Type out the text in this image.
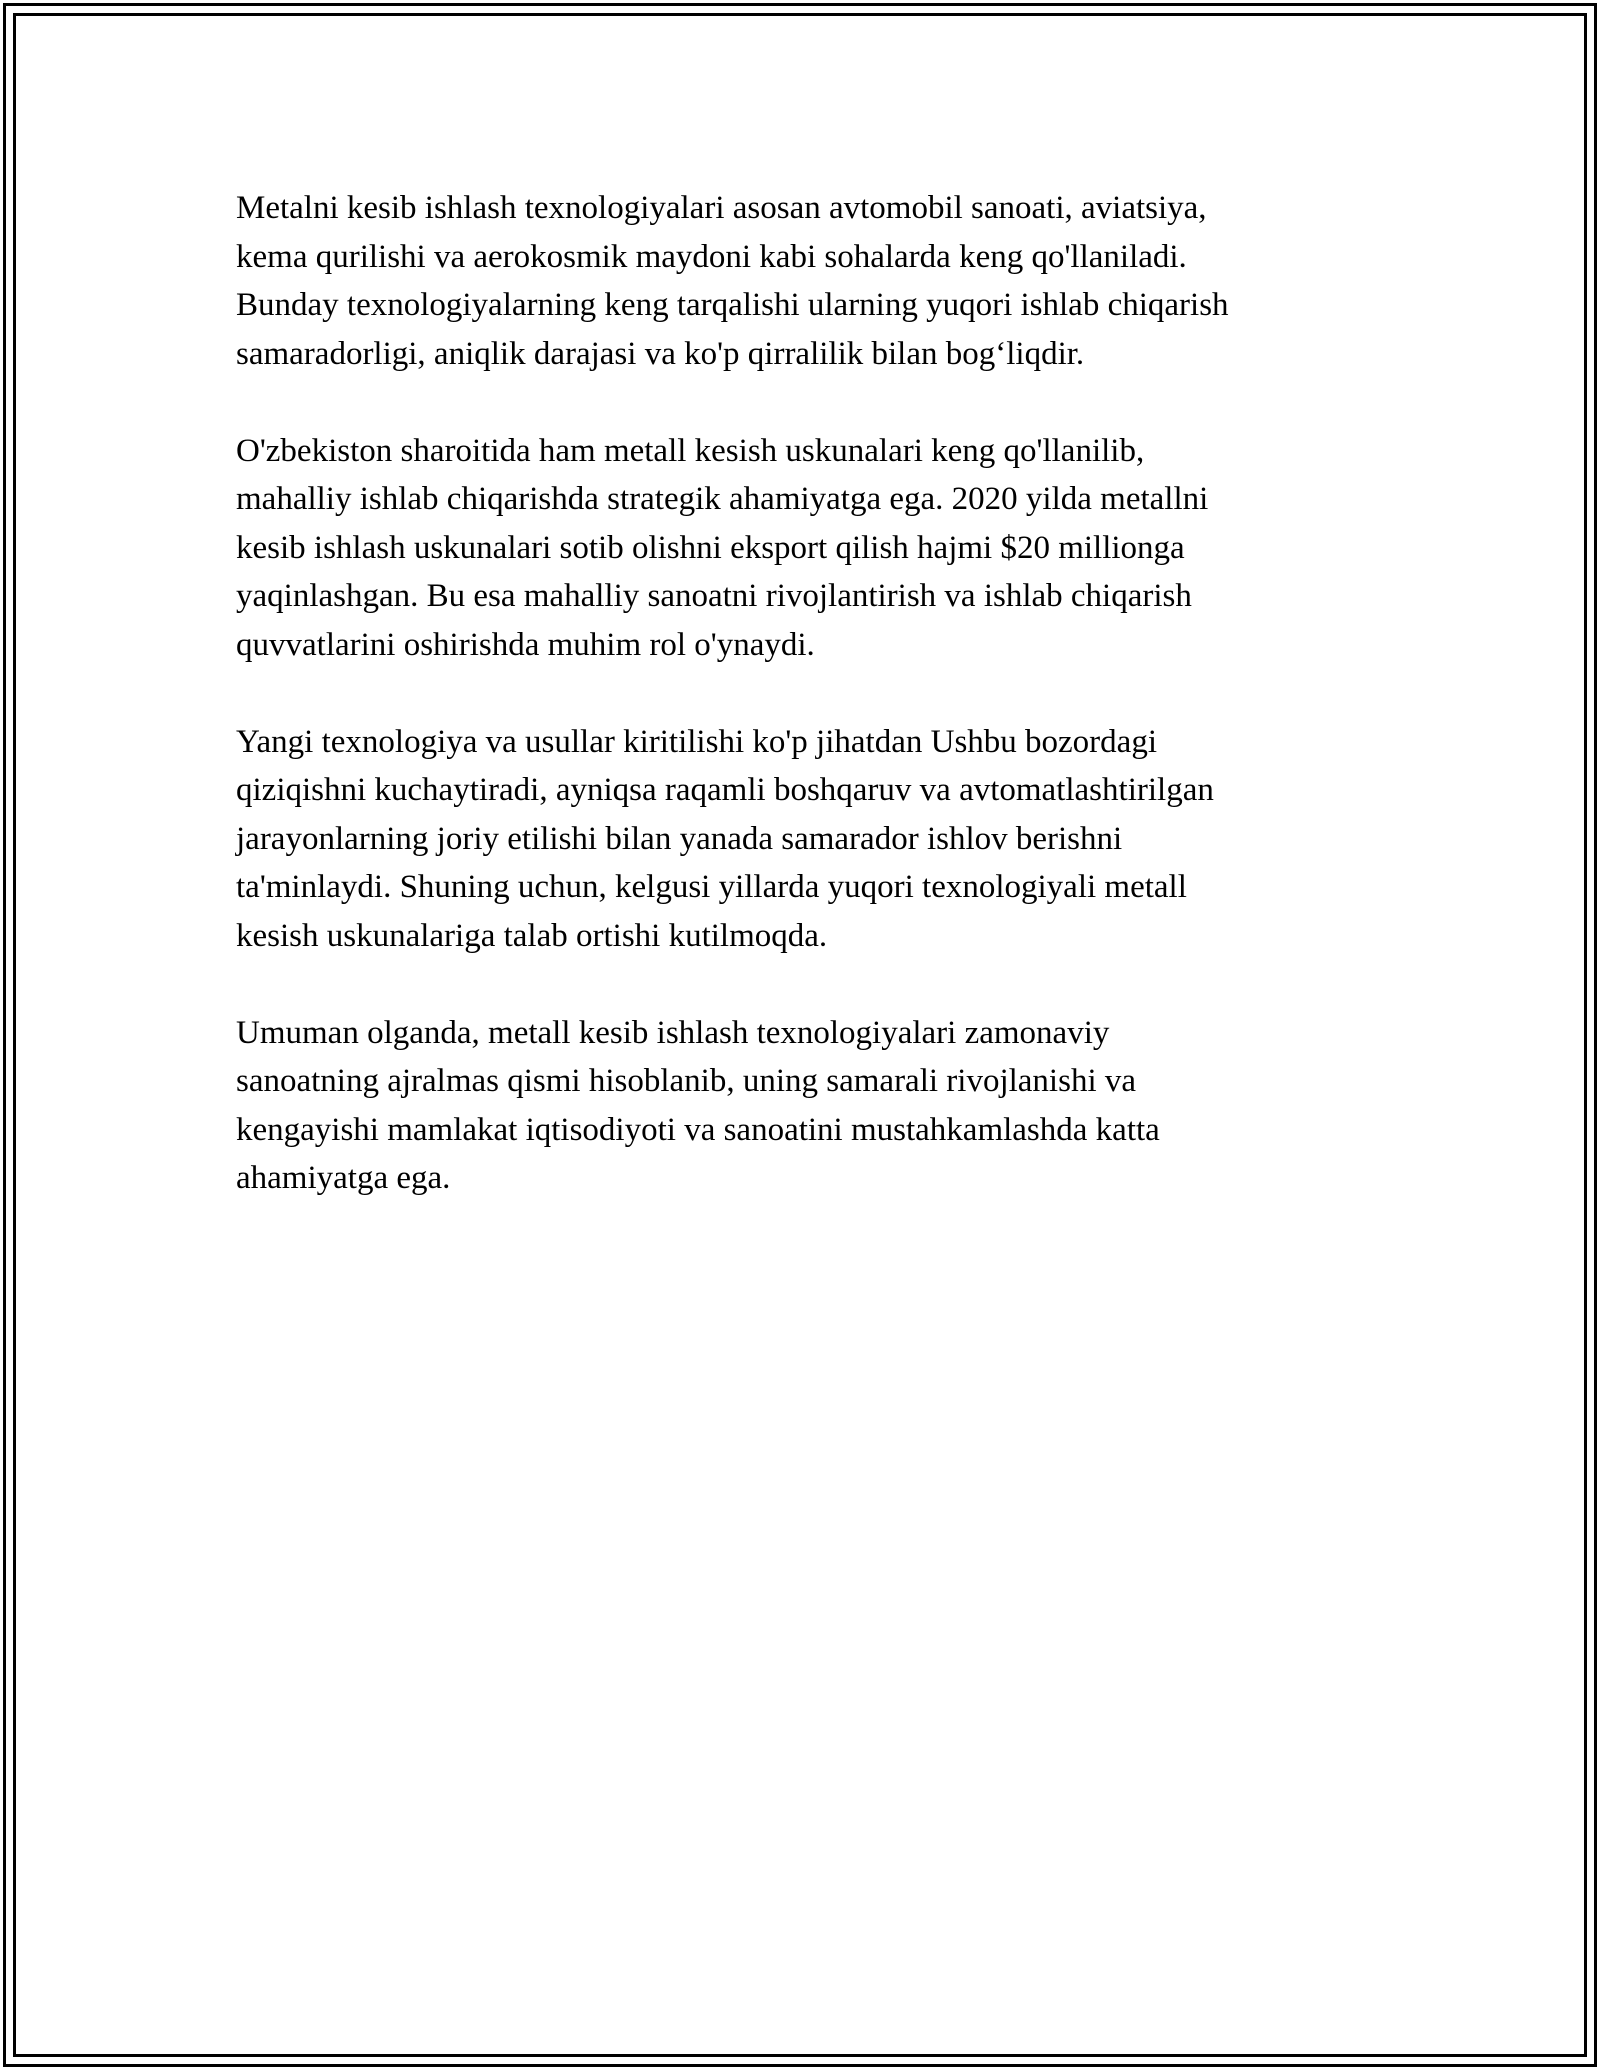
Metalni kesib ishlash texnologiyalari asosan avtomobil sanoati, aviatsiya,
kema qurilishi va aerokosmik maydoni kabi sohalarda keng qo'llaniladi.
Bunday texnologiyalarning keng tarqalishi ularning yuqori ishlab chiqarish
samaradorligi, aniqlik darajasi va ko'p qirralilik bilan bog‘liqdir.

O'zbekiston sharoitida ham metall kesish uskunalari keng qo'llanilib,
mahalliy ishlab chiqarishda strategik ahamiyatga ega. 2020 yilda metallni
kesib ishlash uskunalari sotib olishni eksport qilish hajmi $20 millionga
yaqinlashgan. Bu esa mahalliy sanoatni rivojlantirish va ishlab chiqarish
quvvatlarini oshirishda muhim rol o'ynaydi.

Yangi texnologiya va usullar kiritilishi ko'p jihatdan Ushbu bozordagi
qiziqishni kuchaytiradi, ayniqsa raqamli boshqaruv va avtomatlashtirilgan
jarayonlarning joriy etilishi bilan yanada samarador ishlov berishni
ta'minlaydi. Shuning uchun, kelgusi yillarda yuqori texnologiyali metall
kesish uskunalariga talab ortishi kutilmoqda.

Umuman olganda, metall kesib ishlash texnologiyalari zamonaviy
sanoatning ajralmas qismi hisoblanib, uning samarali rivojlanishi va
kengayishi mamlakat iqtisodiyoti va sanoatini mustahkamlashda katta
ahamiyatga ega.
